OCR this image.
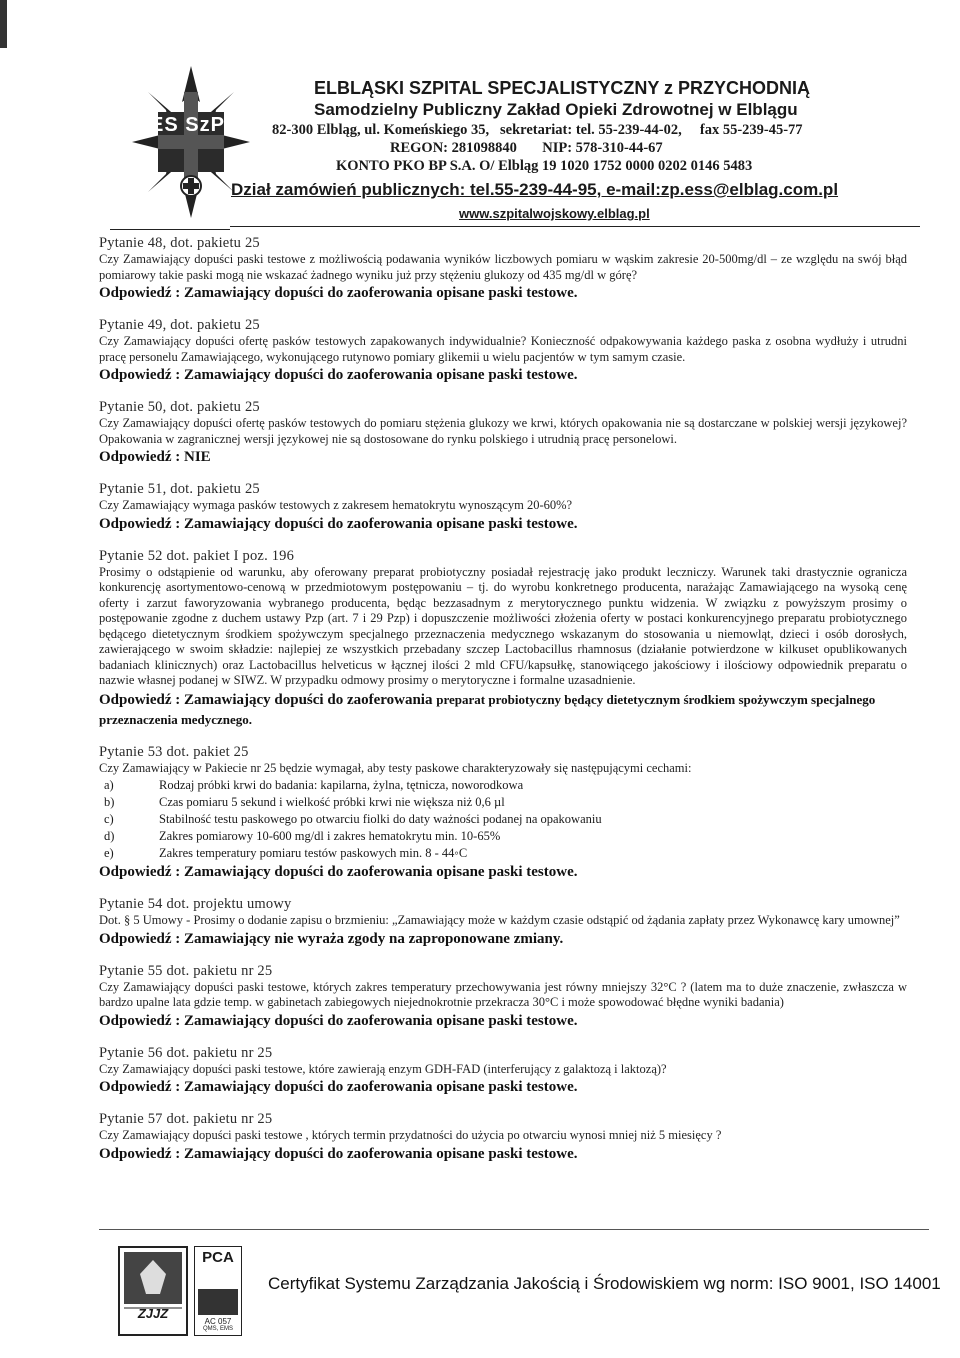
ES SzP
ELBLĄSKI SZPITAL SPECJALISTYCZNY z PRZYCHODNIĄ
Samodzielny Publiczny Zakład Opieki Zdrowotnej w Elblągu
82-300 Elbląg, ul. Komeńskiego 35, sekretariat: tel. 55-239-44-02, fax 55-239-45-77
REGON: 281098840 NIP: 578-310-44-67
KONTO PKO BP S.A. O/ Elbląg 19 1020 1752 0000 0202 0146 5483
Dział zamówień publicznych: tel.55-239-44-95, e-mail:zp.ess@elblag.com.pl
www.szpitalwojskowy.elblag.pl
Pytanie 48, dot. pakietu 25
Czy Zamawiający dopuści paski testowe z możliwością podawania wyników liczbowych pomiaru w wąskim zakresie 20-500mg/dl – ze względu na swój błąd pomiarowy takie paski mogą nie wskazać żadnego wyniku już przy stężeniu glukozy od 435 mg/dl w górę?
Odpowiedź : Zamawiający dopuści do zaoferowania opisane paski testowe.
Pytanie 49, dot. pakietu 25
Czy Zamawiający dopuści ofertę pasków testowych zapakowanych indywidualnie? Konieczność odpakowywania każdego paska z osobna wydłuży i utrudni pracę personelu Zamawiającego, wykonującego rutynowo pomiary glikemii u wielu pacjentów w tym samym czasie.
Odpowiedź : Zamawiający dopuści do zaoferowania opisane paski testowe.
Pytanie 50, dot. pakietu 25
Czy Zamawiający dopuści ofertę pasków testowych do pomiaru stężenia glukozy we krwi, których opakowania nie są dostarczane w polskiej wersji językowej? Opakowania w zagranicznej wersji językowej nie są dostosowane do rynku polskiego i utrudnią pracę personelowi.
Odpowiedź : NIE
Pytanie 51, dot. pakietu 25
Czy Zamawiający wymaga pasków testowych z zakresem hematokrytu wynoszącym 20-60%?
Odpowiedź : Zamawiający dopuści do zaoferowania opisane paski testowe.
Pytanie 52 dot. pakiet I poz. 196
Prosimy o odstąpienie od warunku, aby oferowany preparat probiotyczny posiadał rejestrację jako produkt leczniczy. Warunek taki drastycznie ogranicza konkurencję asortymentowo-cenową w przedmiotowym postępowaniu – tj. do wyrobu konkretnego producenta, narażając Zamawiającego na wysoką cenę oferty i zarzut faworyzowania wybranego producenta, będąc bezzasadnym z merytorycznego punktu widzenia. W związku z powyższym prosimy o postępowanie zgodne z duchem ustawy Pzp (art. 7 i 29 Pzp) i dopuszczenie możliwości złożenia oferty w postaci konkurencyjnego preparatu probiotycznego będącego dietetycznym środkiem spożywczym specjalnego przeznaczenia medycznego wskazanym do stosowania u niemowląt, dzieci i osób dorosłych, zawierającego w swoim składzie: najlepiej ze wszystkich przebadany szczep Lactobacillus rhamnosus (działanie potwierdzone w kilkuset opublikowanych badaniach klinicznych) oraz Lactobacillus helveticus w łącznej ilości 2 mld CFU/kapsułkę, stanowiącego jakościowy i ilościowy odpowiednik preparatu o nazwie własnej podanej w SIWZ. W przypadku odmowy prosimy o merytoryczne i formalne uzasadnienie.
Odpowiedź : Zamawiający dopuści do zaoferowania preparat probiotyczny będący dietetycznym środkiem spożywczym specjalnego przeznaczenia medycznego.
Pytanie 53 dot. pakiet 25
Czy Zamawiający w Pakiecie nr 25 będzie wymagał, aby testy paskowe charakteryzowały się następującymi cechami:
a)	Rodzaj próbki krwi do badania: kapilarna, żylna, tętnicza, noworodkowa
b)	Czas pomiaru 5 sekund i wielkość próbki krwi nie większa niż 0,6 µl
c)	Stabilność testu paskowego po otwarciu fiolki do daty ważności podanej na opakowaniu
d)	Zakres pomiarowy 10-600 mg/dl i zakres hematokrytu min. 10-65%
e)	Zakres temperatury pomiaru testów paskowych min. 8 - 44◦C
Odpowiedź : Zamawiający dopuści do zaoferowania opisane paski testowe.
Pytanie 54 dot. projektu umowy
Dot. § 5 Umowy - Prosimy o dodanie zapisu o brzmieniu: „Zamawiający może w każdym czasie odstąpić od żądania zapłaty przez Wykonawcę kary umownej”
Odpowiedź : Zamawiający nie wyraża zgody na zaproponowane zmiany.
Pytanie 55 dot. pakietu nr 25
Czy Zamawiający dopuści paski testowe, których zakres temperatury przechowywania jest równy mniejszy 32°C ? (latem ma to duże znaczenie, zwłaszcza w bardzo upalne lata gdzie temp. w gabinetach zabiegowych niejednokrotnie przekracza 30°C i może spowodować błędne wyniki badania)
Odpowiedź : Zamawiający dopuści do zaoferowania opisane paski testowe.
Pytanie 56 dot. pakietu nr 25
Czy Zamawiający dopuści paski testowe, które zawierają enzym GDH-FAD (interferujący z galaktozą i laktozą)?
Odpowiedź : Zamawiający dopuści do zaoferowania opisane paski testowe.
Pytanie 57 dot. pakietu nr 25
Czy Zamawiający dopuści paski testowe , których termin przydatności do użycia po otwarciu wynosi mniej niż 5 miesięcy ?
Odpowiedź : Zamawiający dopuści do zaoferowania opisane paski testowe.
ZJJZ
PCA
AC 057
QMS, EMS
Certyfikat Systemu Zarządzania Jakością i Środowiskiem wg norm: ISO 9001, ISO 14001
